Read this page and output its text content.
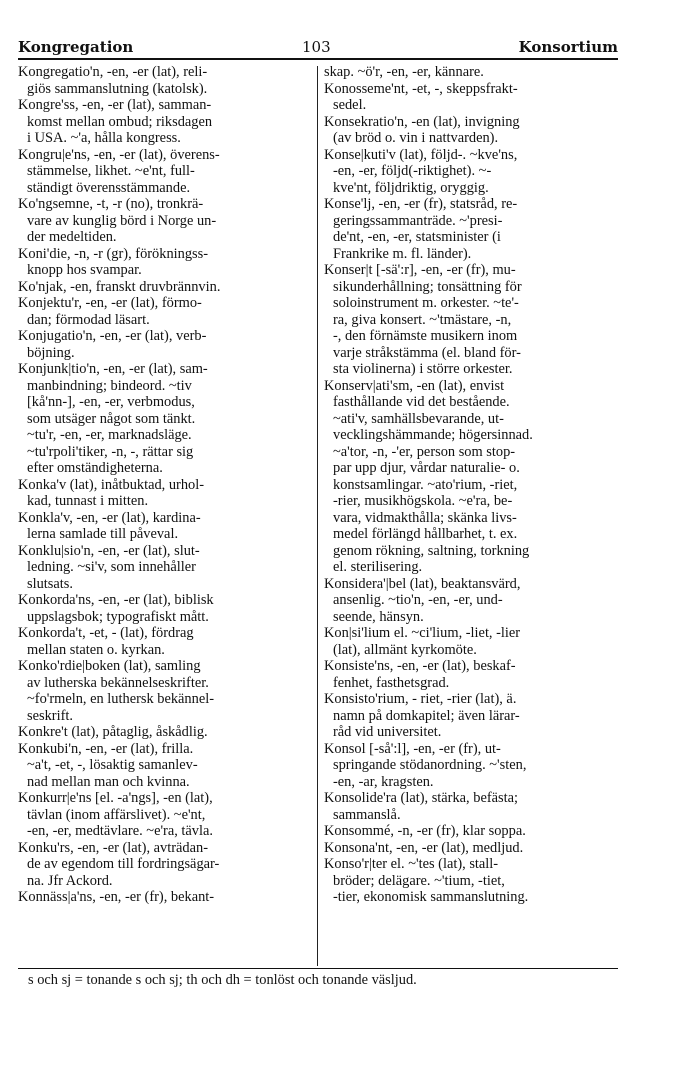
Kongregation	103	Konsortium
Kongregatio'n, -en, -er (lat), reli-
giös sammanslutning (katolsk).
Kongre'ss, -en, -er (lat), samman-
komst mellan ombud; riksdagen
i USA. ~'a, hålla kongress.
Kongru|e'ns, -en, -er (lat), överens-
stämmelse, likhet. ~e'nt, full-
ständigt överensstämmande.
Ko'ngsemne, -t, -r (no), tronkrä-
vare av kunglig börd i Norge un-
der medeltiden.
Koni'die, -n, -r (gr), förökningss-
knopp hos svampar.
Ko'njak, -en, franskt druvbrännvin.
Konjektu'r, -en, -er (lat), förmo-
dan; förmodad läsart.
Konjugatio'n, -en, -er (lat), verb-
böjning.
Konjunk|tio'n, -en, -er (lat), sam-
manbindning; bindeord. ~tiv
[kå'nn-], -en, -er, verbmodus,
som utsäger något som tänkt.
~tu'r, -en, -er, marknadsläge.
~tu'rpoli'tiker, -n, -, rättar sig
efter omständigheterna.
Konka'v (lat), inåtbuktad, urhol-
kad, tunnast i mitten.
Konkla'v, -en, -er (lat), kardina-
lerna samlade till påveval.
Konklu|sio'n, -en, -er (lat), slut-
ledning. ~si'v, som innehåller
slutsats.
Konkorda'ns, -en, -er (lat), biblisk
uppslagsbok; typografiskt mått.
Konkorda't, -et, - (lat), fördrag
mellan staten o. kyrkan.
Konko'rdie|boken (lat), samling
av lutherska bekännelseskrifter.
~fo'rmeln, en luthersk bekännel-
seskrift.
Konkre't (lat), påtaglig, åskådlig.
Konkubi'n, -en, -er (lat), frilla.
~a't, -et, -, lösaktig samanlev-
nad mellan man och kvinna.
Konkurr|e'ns [el. -a'ngs], -en (lat),
tävlan (inom affärslivet). ~e'nt,
-en, -er, medtävlare. ~e'ra, tävla.
Konku'rs, -en, -er (lat), avträdan-
de av egendom till fordringsägar-
na. Jfr Ackord.
Konnäss|a'ns, -en, -er (fr), bekant-
skap. ~ö'r, -en, -er, kännare.
Konosseme'nt, -et, -, skeppsfrakt-
sedel.
Konsekratio'n, -en (lat), invigning
(av bröd o. vin i nattvarden).
Konse|kuti'v (lat), följd-. ~kve'ns,
-en, -er, följd(-riktighet). ~-
kve'nt, följdriktig, oryggig.
Konse'lj, -en, -er (fr), statsråd, re-
geringssammanträde. ~'presi-
de'nt, -en, -er, statsminister (i
Frankrike m. fl. länder).
Konser|t [-sä':r], -en, -er (fr), mu-
sikunderhållning; tonsättning för
soloinstrument m. orkester. ~te'-
ra, giva konsert. ~'tmästare, -n,
-, den förnämste musikern inom
varje stråkstämma (el. bland för-
sta violinerna) i större orkester.
Konserv|ati'sm, -en (lat), envist
fasthållande vid det bestående.
~ati'v, samhällsbevarande, ut-
vecklingshämmande; högersinnad.
~a'tor, -n, -'er, person som stop-
par upp djur, vårdar naturalie- o.
konstsamlingar. ~ato'rium, -riet,
-rier, musikhögskola. ~e'ra, be-
vara, vidmakthålla; skänka livs-
medel förlängd hållbarhet, t. ex.
genom rökning, saltning, torkning
el. sterilisering.
Konsidera'|bel (lat), beaktansvärd,
ansenlig. ~tio'n, -en, -er, und-
seende, hänsyn.
Kon|si'lium el. ~ci'lium, -liet, -lier
(lat), allmänt kyrkomöte.
Konsiste'ns, -en, -er (lat), beskaf-
fenhet, fasthetsgrad.
Konsisto'rium, - riet, -rier (lat), ä.
namn på domkapitel; även lärar-
råd vid universitet.
Konsol [-så':l], -en, -er (fr), ut-
springande stödanordning. ~'sten,
-en, -ar, kragsten.
Konsolide'ra (lat), stärka, befästa;
sammanslå.
Konsommé, -n, -er (fr), klar soppa.
Konsona'nt, -en, -er (lat), medljud.
Konso'r|ter el. ~'tes (lat), stall-
bröder; delägare. ~'tium, -tiet,
-tier, ekonomisk sammanslutning.
s och sj = tonande s och sj; th och dh = tonlöst och tonande väsljud.
